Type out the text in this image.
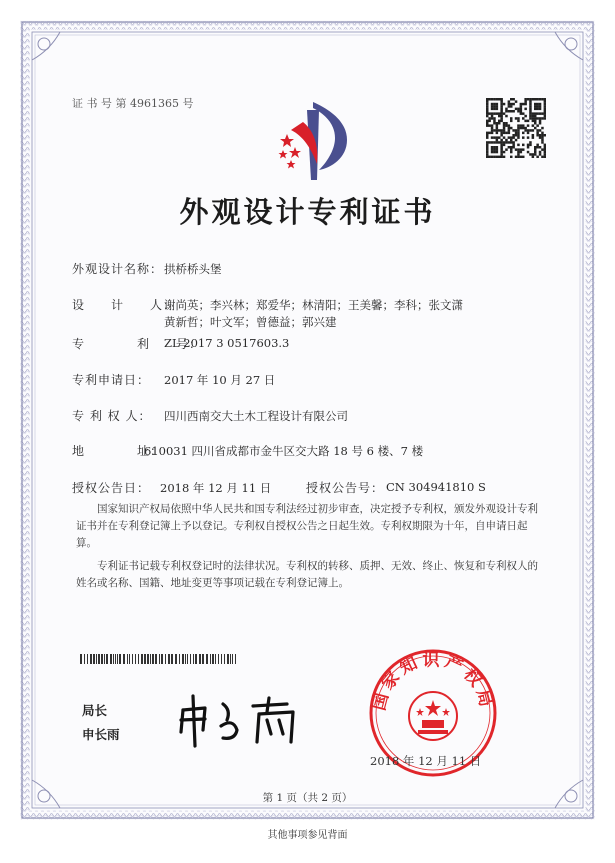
证 书 号 第 4961365 号
外观设计专利证书
外观设计名称： 拱桥桥头堡
设　　计　　人：
谢尚英；李兴林；郑爱华；林清阳；王美馨；李科；张文潇
黄新哲；叶文军；曾德益；郭兴建
专　　　　利　　号：
ZL 2017 3 0517603.3
专利申请日： 2017 年 10 月 27 日
专 利 权 人： 四川西南交大土木工程设计有限公司
地　　　　址：
610031 四川省成都市金牛区交大路 18 号 6 楼、7 楼
授权公告日： 2018 年 12 月 11 日	授权公告号： CN 304941810 S
国家知识产权局依照中华人民共和国专利法经过初步审查，决定授予专利权，颁发外观设计专利证书并在专利登记簿上予以登记。专利权自授权公告之日起生效。专利权期限为十年，自申请日起算。
专利证书记载专利权登记时的法律状况。专利权的转移、质押、无效、终止、恢复和专利权人的姓名或名称、国籍、地址变更等事项记载在专利登记簿上。
局长
申长雨
国家知识产权局
2018 年 12 月 11 日
第 1 页（共 2 页）
其他事项参见背面
